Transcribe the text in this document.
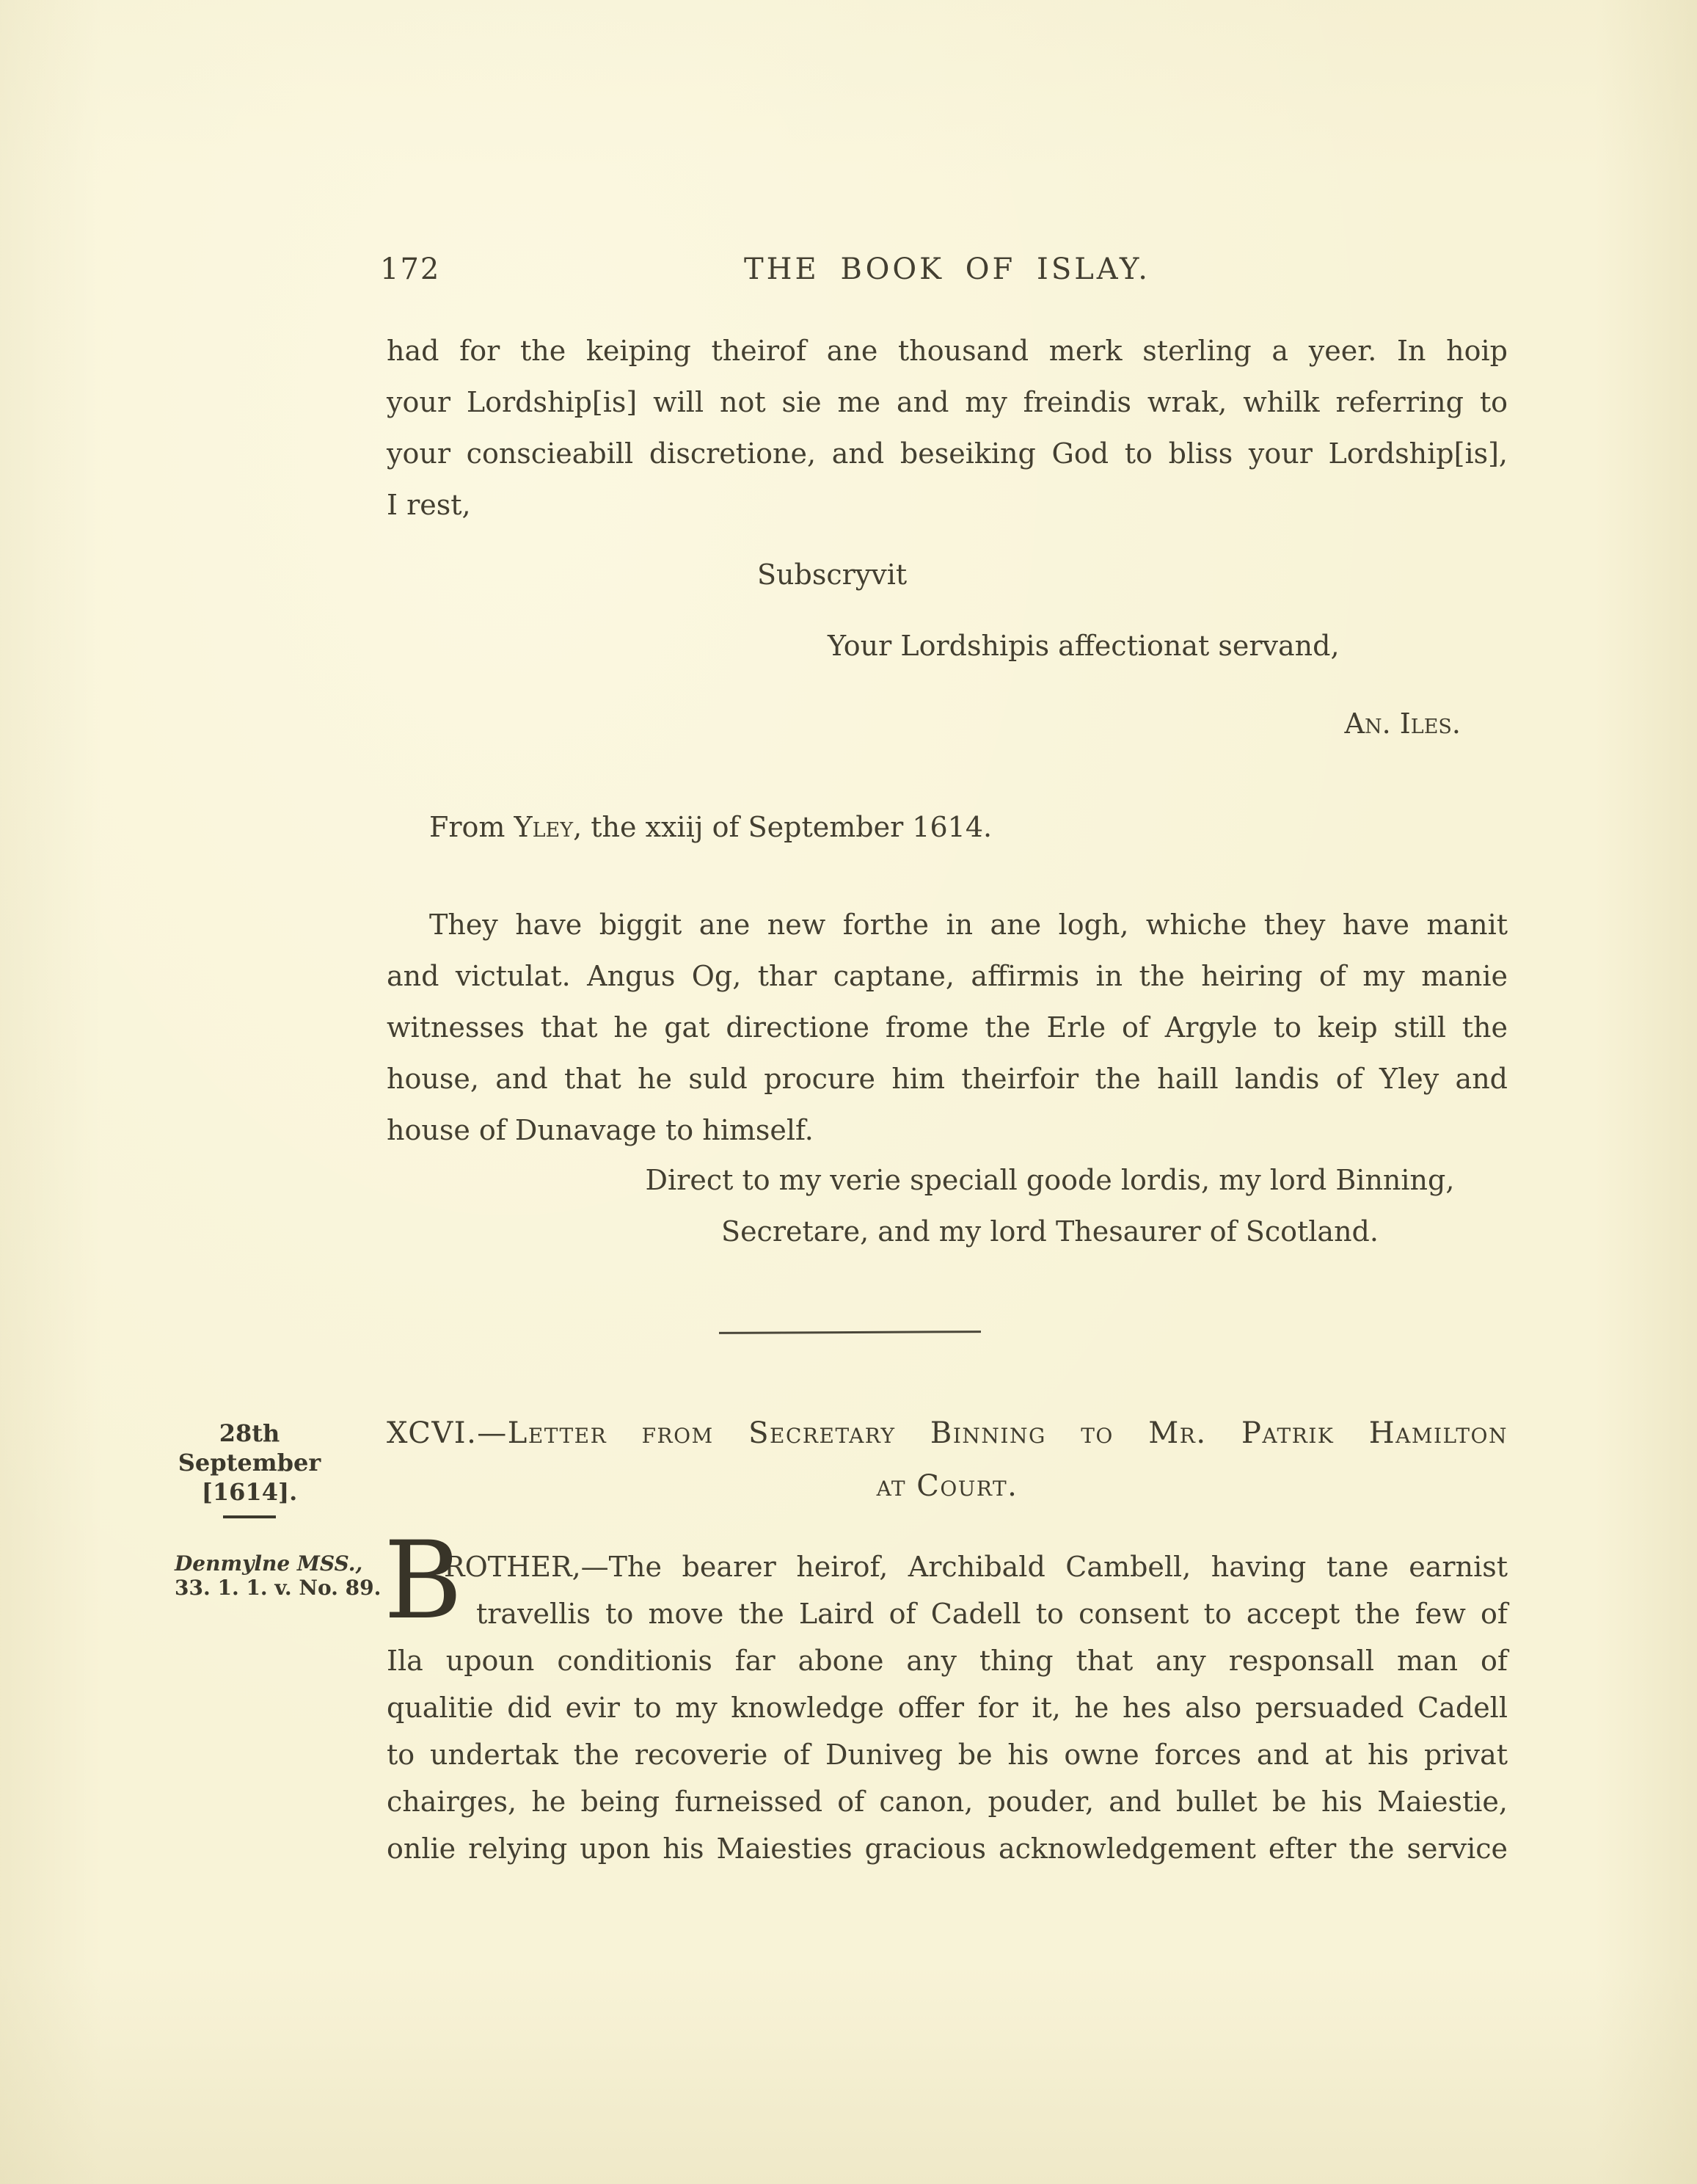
172	THE BOOK OF ISLAY.
had for the keiping theirof ane thousand merk sterling a yeer. In hoip
your Lordship[is] will not sie me and my freindis wrak, whilk referring to
your conscieabill discretione, and beseiking God to bliss your Lordship[is],
I rest,
Subscryvit
Your Lordshipis affectionat servand,
An. Iles.
From Yley, the xxiij of September 1614.
They have biggit ane new forthe in ane logh, whiche they have manit
and victulat. Angus Og, thar captane, affirmis in the heiring of my manie
witnesses that he gat directione frome the Erle of Argyle to keip still the
house, and that he suld procure him theirfoir the haill landis of Yley and
house of Dunavage to himself.
Direct to my verie speciall goode lordis, my lord Binning,
Secretare, and my lord Thesaurer of Scotland.
28th September
[1614].
XCVI.—Letter from Secretary Binning to Mr. Patrik Hamilton
at Court.
Denmylne MSS.,
33. 1. 1. v. No. 89. B
ROTHER,—The bearer heirof, Archibald Cambell, having tane earnist
travellis to move the Laird of Cadell to consent to accept the few of
Ila upoun conditionis far abone any thing that any responsall man of
qualitie did evir to my knowledge offer for it, he hes also persuaded Cadell
to undertak the recoverie of Duniveg be his owne forces and at his privat
chairges, he being furneissed of canon, pouder, and bullet be his Maiestie,
onlie relying upon his Maiesties gracious acknowledgement efter the service
